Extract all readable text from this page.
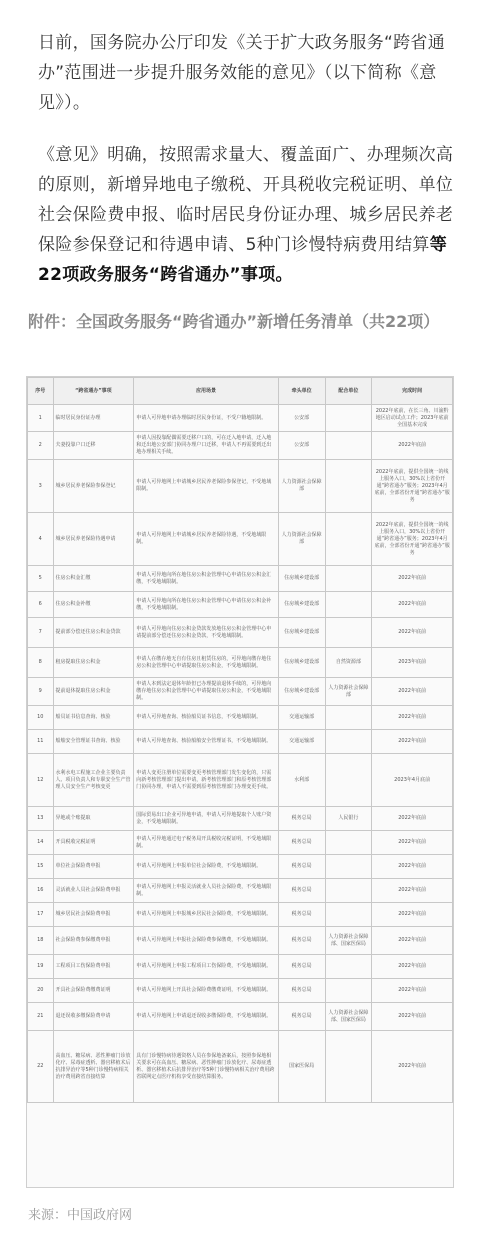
日前，国务院办公厅印发《关于扩大政务服务“跨省通办”范围进一步提升服务效能的意见》（以下简称《意见》）。

《意见》明确，按照需求量大、覆盖面广、办理频次高的原则，新增异地电子缴税、开具税收完税证明、单位社会保险费申报、临时居民身份证办理、城乡居民养老保险参保登记和待遇申请、5种门诊慢特病费用结算等22项政务服务“跨省通办”事项。

附件：全国政务服务“跨省通办”新增任务清单（共22项）
序号	“跨省通办”事项	应用场景	牵头单位	配合单位	完成时间
1	临时居民身份证办理	申请人可异地申请办理临时居民身份证，不受户籍地限制。	公安部		2022年底前，在长三角、川渝黔地区启动试点工作；2023年底前全国基本完成
2	夫妻投靠户口迁移	申请人因投靠配偶需要迁移户口的，可在迁入地申请，迁入地和迁出地公安部门协同办理户口迁移，申请人不再需要到迁出地办理相关手续。	公安部		2022年底前
3	城乡居民养老保险参保登记	申请人可异地网上申请城乡居民养老保险参保登记，不受地域限制。	人力资源社会保障部		2022年底前，提供全国统一的线上服务入口，30%以上省份开通“跨省通办”服务；2023年4月底前，全部省份开通“跨省通办”服务
4	城乡居民养老保险待遇申请	申请人可异地网上申请城乡居民养老保险待遇，不受地域限制。	人力资源社会保障部		2022年底前，提供全国统一的线上服务入口，30%以上省份开通“跨省通办”服务；2023年4月底前，全部省份开通“跨省通办”服务
5	住房公积金汇缴	申请人可异地向所在地住房公积金管理中心申请住房公积金汇缴，不受地域限制。	住房城乡建设部		2022年底前
6	住房公积金补缴	申请人可异地向所在地住房公积金管理中心申请住房公积金补缴，不受地域限制。	住房城乡建设部		2022年底前
7	提前部分偿还住房公积金贷款	申请人可异地向住房公积金贷款发放地住房公积金管理中心申请提前部分偿还住房公积金贷款，不受地域限制。	住房城乡建设部		2022年底前
8	租房提取住房公积金	申请人在缴存地无自有住房且租赁住房的，可异地向缴存地住房公积金管理中心申请提取住房公积金，不受地域限制。	住房城乡建设部	自然资源部	2023年底前
9	提前退休提取住房公积金	申请人本到法定退休年龄但已办理提前退休手续的，可异地向缴存地住房公积金管理中心申请提取住房公积金，不受地域限制。	住房城乡建设部	人力资源社会保障部	2022年底前
10	船员证书信息查询、核验	申请人可异地查询、核验船员证书信息，不受地域限制。	交通运输部		2022年底前
11	船舶安全管理证书查询、核验	申请人可异地查询、核验船舶安全管理证书，不受地域限制。	交通运输部		2022年底前
12	水利水电工程施工企业主要负责人、项目负责人和专职安全生产管理人员安全生产考核变更	申请人变更注册单位需要变更考核管理部门发生变化的，只需向新考核管理部门提出申请，新考核管理部门和原考核管理部门协同办理，申请人不需要到原考核管理部门办理变更手续。	水利部		2023年4月底前
13	异地或个账提取	国际贸易出口企业可异地申请，申请人可异地提取个人账户资金，不受地域限制。	税务总局	人民银行	2022年底前
14	开具税收完税证明	申请人可异地通过电子税务局开具税收完税证明，不受地域限制。	税务总局		2022年底前
15	单位社会保险费申报	申请人可异地网上申报单位社会保险费，不受地域限制。	税务总局		2022年底前
16	灵活就业人员社会保险费申报	申请人可异地网上申报灵活就业人员社会保险费，不受地域限制。	税务总局		2022年底前
17	城乡居民社会保险费申报	申请人可异地网上申报城乡居民社会保险费，不受地域限制。	税务总局		2022年底前
18	社会保险费参保缴费申报	申请人可异地网上申报社会保险费参保缴费，不受地域限制。	税务总局	人力资源社会保障部、国家医保局	2022年底前
19	工程项目工伤保险费申报	申请人可异地网上申报工程项目工伤保险费，不受地域限制。	税务总局		2022年底前
20	开具社会保险费缴费证明	申请人可异地网上开具社会保险费缴费证明，不受地域限制。	税务总局		2022年底前
21	退还误收多缴保险费申请	申请人可异地网上申请退还误收多缴保险费，不受地域限制。	税务总局	人力资源社会保障部、国家医保局	2022年底前
22	高血压、糖尿病、恶性肿瘤门诊放化疗、尿毒症透析、器官移植术后抗排异治疗等5种门诊慢特病相关治疗费用跨省直接结算	具有门诊慢特病待遇资格人员在参保地备案后，按照参保地相关要求可在高血压、糖尿病、恶性肿瘤门诊放化疗、尿毒症透析、器官移植术后抗排异治疗等5种门诊慢特病相关治疗费用跨省联网定点医疗机构享受直接结算服务。	国家医保局		2022年底前
来源：中国政府网
